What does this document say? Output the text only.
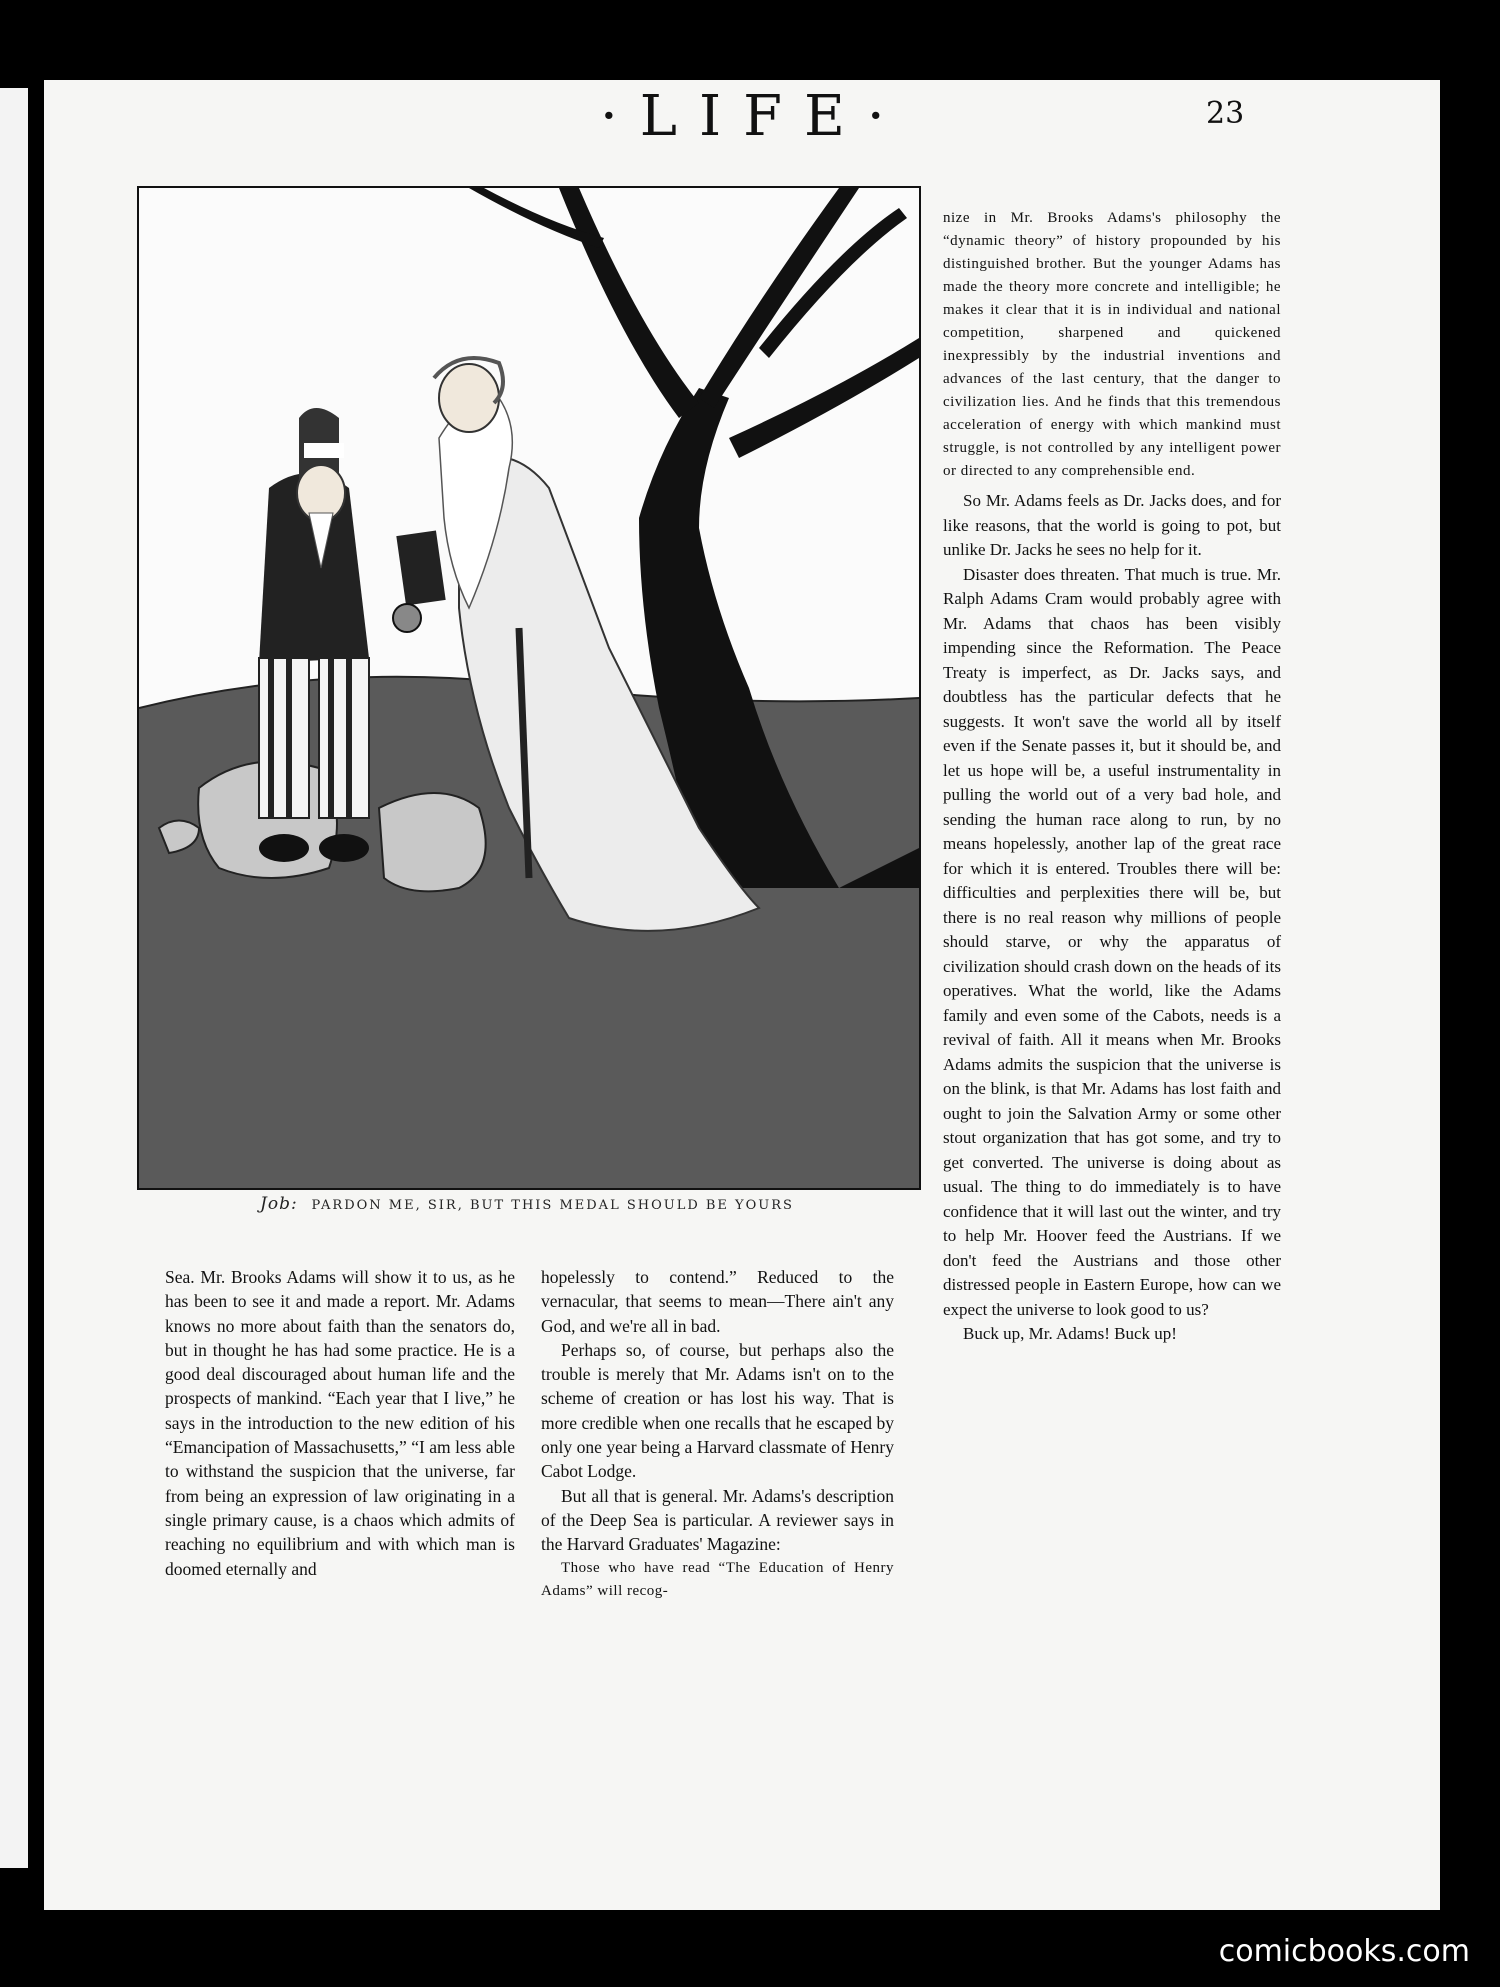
·LIFE·	23
Job: PARDON ME, SIR, BUT THIS MEDAL SHOULD BE YOURS

Sea. Mr. Brooks Adams will show it to us, as he has been to see it and made a report. Mr. Adams knows no more about faith than the senators do, but in thought he has had some practice. He is a good deal discouraged about human life and the prospects of mankind. “Each year that I live,” he says in the introduction to the new edition of his “Emancipation of Massachusetts,” “I am less able to withstand the suspicion that the universe, far from being an expression of law originating in a single primary cause, is a chaos which admits of reaching no equilibrium and with which man is doomed eternally and

hopelessly to contend.” Reduced to the vernacular, that seems to mean—There ain't any God, and we're all in bad.

Perhaps so, of course, but perhaps also the trouble is merely that Mr. Adams isn't on to the scheme of creation or has lost his way. That is more credible when one recalls that he escaped by only one year being a Harvard classmate of Henry Cabot Lodge.

But all that is general. Mr. Adams's description of the Deep Sea is particular. A reviewer says in the Harvard Graduates' Magazine:

Those who have read “The Education of Henry Adams” will recog-

nize in Mr. Brooks Adams's philosophy the “dynamic theory” of history propounded by his distinguished brother. But the younger Adams has made the theory more concrete and intelligible; he makes it clear that it is in individual and national competition, sharpened and quickened inexpressibly by the industrial inventions and advances of the last century, that the danger to civilization lies. And he finds that this tremendous acceleration of energy with which mankind must struggle, is not controlled by any intelligent power or directed to any comprehensible end.

So Mr. Adams feels as Dr. Jacks does, and for like reasons, that the world is going to pot, but unlike Dr. Jacks he sees no help for it.

Disaster does threaten. That much is true. Mr. Ralph Adams Cram would probably agree with Mr. Adams that chaos has been visibly impending since the Reformation. The Peace Treaty is imperfect, as Dr. Jacks says, and doubtless has the particular defects that he suggests. It won't save the world all by itself even if the Senate passes it, but it should be, and let us hope will be, a useful instrumentality in pulling the world out of a very bad hole, and sending the human race along to run, by no means hopelessly, another lap of the great race for which it is entered. Troubles there will be: difficulties and perplexities there will be, but there is no real reason why millions of people should starve, or why the apparatus of civilization should crash down on the heads of its operatives. What the world, like the Adams family and even some of the Cabots, needs is a revival of faith. All it means when Mr. Brooks Adams admits the suspicion that the universe is on the blink, is that Mr. Adams has lost faith and ought to join the Salvation Army or some other stout organization that has got some, and try to get converted. The universe is doing about as usual. The thing to do immediately is to have confidence that it will last out the winter, and try to help Mr. Hoover feed the Austrians. If we don't feed the Austrians and those other distressed people in Eastern Europe, how can we expect the universe to look good to us?

Buck up, Mr. Adams! Buck up!

comicbooks.com
